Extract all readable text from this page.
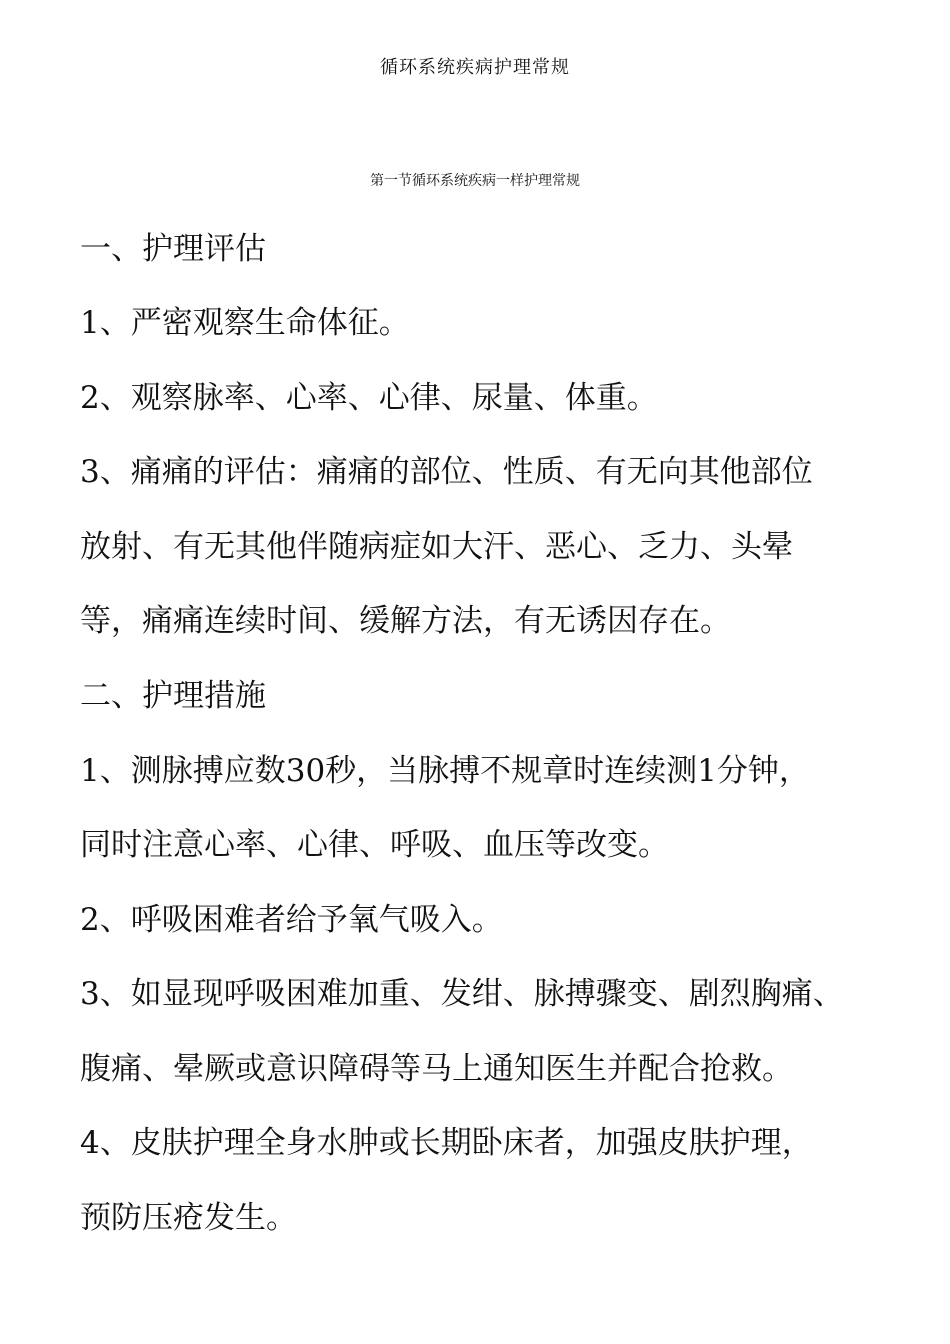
循环系统疾病护理常规
第一节循环系统疾病一样护理常规
一、护理评估
1、严密观察生命体征。
2、观察脉率、心率、心律、尿量、体重。
3、痛痛的评估：痛痛的部位、性质、有无向其他部位
放射、有无其他伴随病症如大汗、恶心、乏力、头晕
等，痛痛连续时间、缓解方法，有无诱因存在。
二、护理措施
1、测脉搏应数30秒，当脉搏不规章时连续测1分钟，
同时注意心率、心律、呼吸、血压等改变。
2、呼吸困难者给予氧气吸入。
3、如显现呼吸困难加重、发绀、脉搏骤变、剧烈胸痛、
腹痛、晕厥或意识障碍等马上通知医生并配合抢救。
4、皮肤护理全身水肿或长期卧床者，加强皮肤护理，
预防压疮发生。
